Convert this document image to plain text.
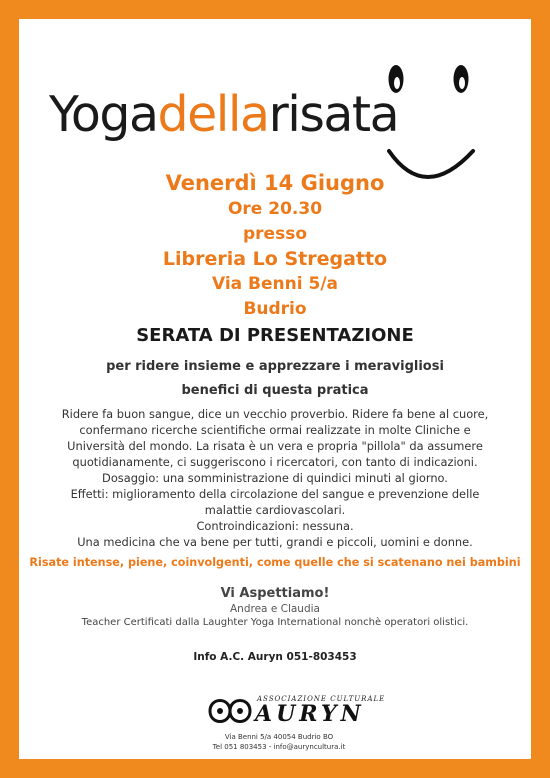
Yogadellarisata
Venerdì 14 Giugno
Ore 20.30
presso
Libreria Lo Stregatto
Via Benni 5/a
Budrio
SERATA DI PRESENTAZIONE
per ridere insieme e apprezzare i meravigliosi
benefici di questa pratica
Ridere fa buon sangue, dice un vecchio proverbio. Ridere fa bene al cuore,
confermano ricerche scientifiche ormai realizzate in molte Cliniche e
Università del mondo. La risata è un vera e propria "pillola" da assumere
quotidianamente, ci suggeriscono i ricercatori, con tanto di indicazioni.
Dosaggio: una somministrazione di quindici minuti al giorno.
Effetti: miglioramento della circolazione del sangue e prevenzione delle
malattie cardiovascolari.
Controindicazioni: nessuna.
Una medicina che va bene per tutti, grandi e piccoli, uomini e donne.
Risate intense, piene, coinvolgenti, come quelle che si scatenano nei bambini
Vi Aspettiamo!
Andrea e Claudia
Teacher Certificati dalla Laughter Yoga International nonchè operatori olistici.
Info A.C. Auryn 051-803453
ASSOCIAZIONE CULTURALE
AURYN
Via Benni 5/a 40054 Budrio BO
Tel 051 803453 - info@auryncultura.it
